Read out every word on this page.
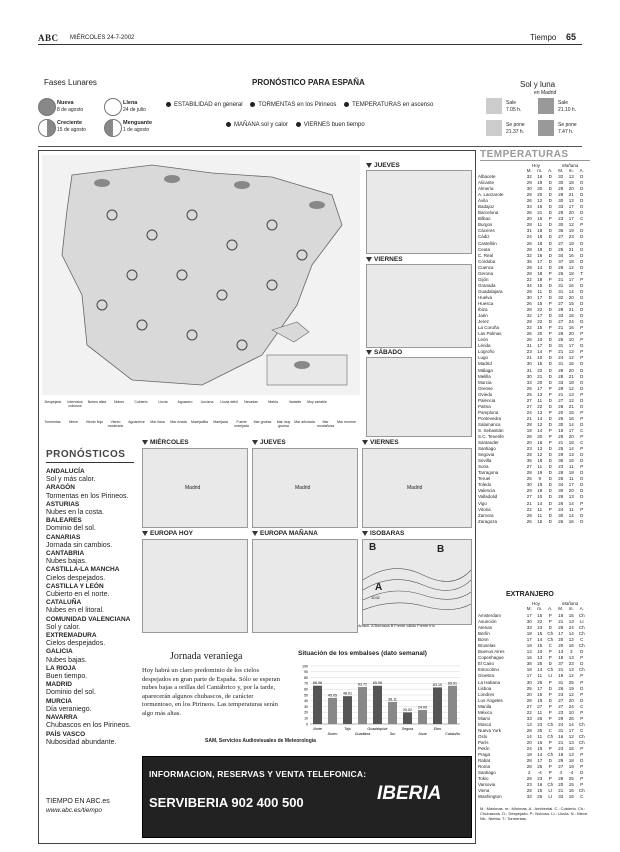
ABC MIÉRCOLES 24-7-2002	Tiempo 65
Fases Lunares
Nueva
8 de agosto
Llena
24 de julio
Creciente
15 de agosto
Menguante
1 de agosto
PRONÓSTICO PARA ESPAÑA
ESTABILIDAD en general	TORMENTAS en los Pirineos	TEMPERATURAS en ascenso
MAÑANA sol y calor	VIERNES buen tiempo
Sol y luna
en Madrid
Sale
7.05 h.
Sale
21.10 h.
Se pone
21.37 h.
Se pone
7.47 h.
Despejado	Intervalos nubosos
Nubes altas	Nubes	Cubierto	Lluvia	Aguacero	Llovizna	Lluvia débil	Nevadas	Niebla	Variable	Muy variable
Tormentas	Nieve	Viento flojo	Viento moderado
Aguanieve	Mar llana	Mar rizada	Marejadilla	Marejada	Fuerte marejada
Mar gruesa	Mar muy gruesa
Mar arbolada	Mar montañosa
Mar enorme
JUEVES
VIERNES
SÁBADO
MIÉRCOLES
Madrid
JUEVES
Madrid
VIERNES
Madrid
EUROPA HOY	EUROPA MAÑANA	ISOBARAS
A
1032
B	B
Anticic. A Borrasca B Frente cálido Frente frío
PRONÓSTICOS
ANDALUCÍA
Sol y más calor.
ARAGÓN
Tormentas en los Pirineos.
ASTURIAS
Nubes en la costa.
BALEARES
Dominio del sol.
CANARIAS
Jornada sin cambios.
CANTABRIA
Nubes bajas.
CASTILLA-LA MANCHA
Cielos despejados.
CASTILLA Y LEÓN
Cubierto en el norte.
CATALUÑA
Nubes en el litoral.
COMUNIDAD VALENCIANA
Sol y calor.
EXTREMADURA
Cielos despejados.
GALICIA
Nubes bajas.
LA RIOJA
Buen tiempo.
MADRID
Dominio del sol.
MURCIA
Día veraniego.
NAVARRA
Chubascos en los Pirineos.
PAÍS VASCO
Nubosidad abundante.
TIEMPO EN ABC.es
www.abc.es/tiempo
Jornada veraniega
Hoy habrá un claro predominio de los cielos despejados en gran parte de España. Sólo se esperan nubes bajas a orillas del Cantábrico y, por la tarde, aparecerán algunos chubascos, de carácter tormentoso, en los Pirineos. Las temperaturas serán algo más altas.
Situación de los embalses (dato semanal)
100
90
80
70
60
50
40
30
20
10
0
66.08
Norte
45.05
Duero
48.01
Tajo
63.72
Guadiana
65.96
Guadalquivir
38.11
Sur
20.02
Segura
24.09
Júcar
63.10
Ebro
65.91
Cataluña
SAM, Servicios Audiovisuales de Meteorología
INFORMACION, RESERVAS Y VENTA TELEFONICA:
SERVIBERIA 902 400 500	IBERIA
TEMPERATURAS
Hoy	Mañana
M.	m.	A.	M.	m.	A.
Albacete	32	16	D	32	13	D
Alicante	29	19	D	30	18	D
Almería	30	20	D	28	20	D
A. Lanzarote	28	20	D	28	21	D
Ávila	26	12	D	30	13	D
Badajoz	33	16	D	33	17	D
Barcelona	26	21	D	28	20	D
Bilbao	20	15	P	23	17	C
Burgos	28	11	D	30	12	P
Cáceres	31	18	D	36	19	D
Cádiz	24	18	D	27	23	D
Castellón	28	18	D	27	19	D
Ceuta	28	19	D	25	21	D
C. Real	32	16	D	34	16	D
Córdoba	35	17	D	37	18	D
Cuenca	29	14	D	29	12	D
Gerona	28	18	P	26	18	T
Gijón	22	18	P	21	17	P
Granada	34	15	D	31	16	D
Guadalajara	29	11	D	31	14	D
Huelva	30	17	D	32	20	D
Huesca	26	15	P	27	15	D
Ibiza	28	22	D	28	21	D
Jaén	32	17	D	33	18	D
Jerez	29	22	D	27	24	D
La Coruña	22	15	P	21	16	P
Las Palmas	26	20	P	28	20	P
León	26	10	D	25	10	P
Lérida	31	17	D	31	17	D
Logroño	23	14	P	21	13	P
Lugo	21	10	D	24	12	P
Madrid	30	15	D	31	16	D
Málaga	31	22	D	28	20	D
Melilla	30	21	D	28	21	D
Murcia	33	20	D	33	18	D
Orense	25	17	P	29	12	D
Oviedo	25	13	P	21	13	P
Palencia	27	11	D	27	12	D
Palma	27	22	D	28	21	D
Pamplona	24	13	P	20	15	P
Pontevedra	21	14	D	26	16	P
Salamanca	28	12	D	30	14	D
S. Sebastián	19	14	P	19	17	C
S.C. Tenerife	28	20	P	28	20	P
Santander	20	16	P	21	18	C
Santiago	23	13	D	25	14	P
Segovia	28	12	D	29	13	D
Sevilla	35	18	D	36	19	D
Soria	27	11	D	23	11	P
Tarragona	28	19	D	28	18	D
Teruel	25	9	D	26	11	D
Toledo	30	19	D	34	17	D
Valencia	29	19	D	30	20	D
Valladolid	27	10	D	29	13	D
Vigo	21	14	D	26	14	P
Vitoria	22	11	P	24	11	P
Zamora	29	11	D	30	14	D
Zaragoza	26	16	D	26	16	D
EXTRANJERO
Hoy	Mañana
M.	m.	A.	M.	m.	A.
Amsterdam	17	15	P	18	15	Ch
Asunción	30	22	P	21	13	LI
Atenas	33	23	D	28	24	Ch
Berlín	18	15	Ch	17	14	Ch
Bonn	17	14	Ch	20	12	C
Bruselas	19	15	C	20	16	Ch
Buenos Aires	13	10	P	13	3	D
Copenhague	16	13	P	18	13	P
El Cairo	38	25	D	37	23	D
Estocolmo	18	14	Ch	21	13	Ch
Ginebra	17	11	LI	19	12	P
La Habana	30	26	P	31	25	P
Lisboa	25	17	D	26	19	D
Londres	20	15	P	23	12	P
Los Ángeles	28	19	D	27	20	D
Manila	27	27	P	27	24	C
México	22	11	P	23	10	P
Miami	33	26	P	29	26	P
Moscú	13	23	Ch	24	14	Ch
Nueva York	28	25	C	31	17	C
Oslo	14	11	Ch	16	12	Ch
París	20	16	P	21	13	Ch
Pekín	24	19	P	23	18	P
Praga	18	14	Ch	18	13	P
Rabat	28	17	D	29	18	D
Roma	28	25	P	27	19	P
Santiago	2	-4	P	4	-4	D
Tokio	28	23	P	28	25	P
Varsovia	23	16	Ch	20	15	P
Viena	28	15	LI	21	16	Ch
Washington	33	26	LI	33	19	C
M.: Máximas. m.: Mínimas. A.: Ambiental. C.: Cubierto. Ch.: Chubascos. D.: Despejado. P.: Nuboso. LI.: Lluvia. N.: Nieve. Nb.: Niebla. T.: Tormentas.
